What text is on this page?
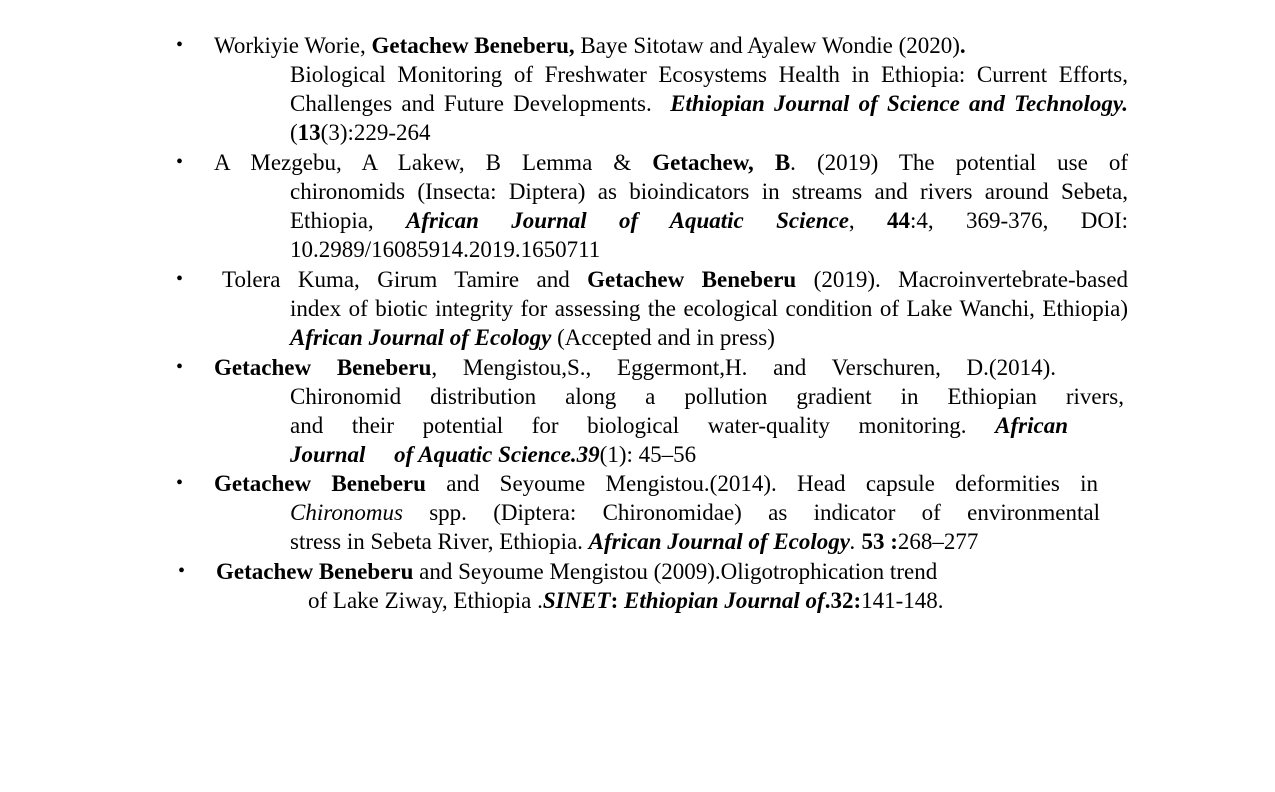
• Workiyie Worie, Getachew Beneberu, Baye Sitotaw and Ayalew Wondie (2020).
Biological Monitoring of Freshwater Ecosystems Health in Ethiopia: Current Efforts, Challenges and Future Developments. Ethiopian Journal of Science and Technology. (13(3):229-264
• A Mezgebu, A Lakew, B Lemma & Getachew, B. (2019) The potential use of
chironomids (Insecta: Diptera) as bioindicators in streams and rivers around Sebeta, Ethiopia, African Journal of Aquatic Science, 44:4, 369-376, DOI: 10.2989/16085914.2019.1650711
• Tolera Kuma, Girum Tamire and Getachew Beneberu (2019). Macroinvertebrate-based
index of biotic integrity for assessing the ecological condition of Lake Wanchi, Ethiopia) African Journal of Ecology (Accepted and in press)
• Getachew Beneberu, Mengistou,S., Eggermont,H. and Verschuren, D.(2014).
Chironomid distribution along a pollution gradient in Ethiopian rivers,
and their potential for biological water-quality monitoring. African
Journal     of Aquatic Science.39(1): 45–56
• Getachew Beneberu and Seyoume Mengistou.(2014). Head capsule deformities in
Chironomus spp. (Diptera: Chironomidae) as indicator of environmental
stress in Sebeta River, Ethiopia. African Journal of Ecology. 53 :268–277
• Getachew Beneberu and Seyoume Mengistou (2009).Oligotrophication trend
of Lake Ziway, Ethiopia .SINET: Ethiopian Journal of.32:141-148.
